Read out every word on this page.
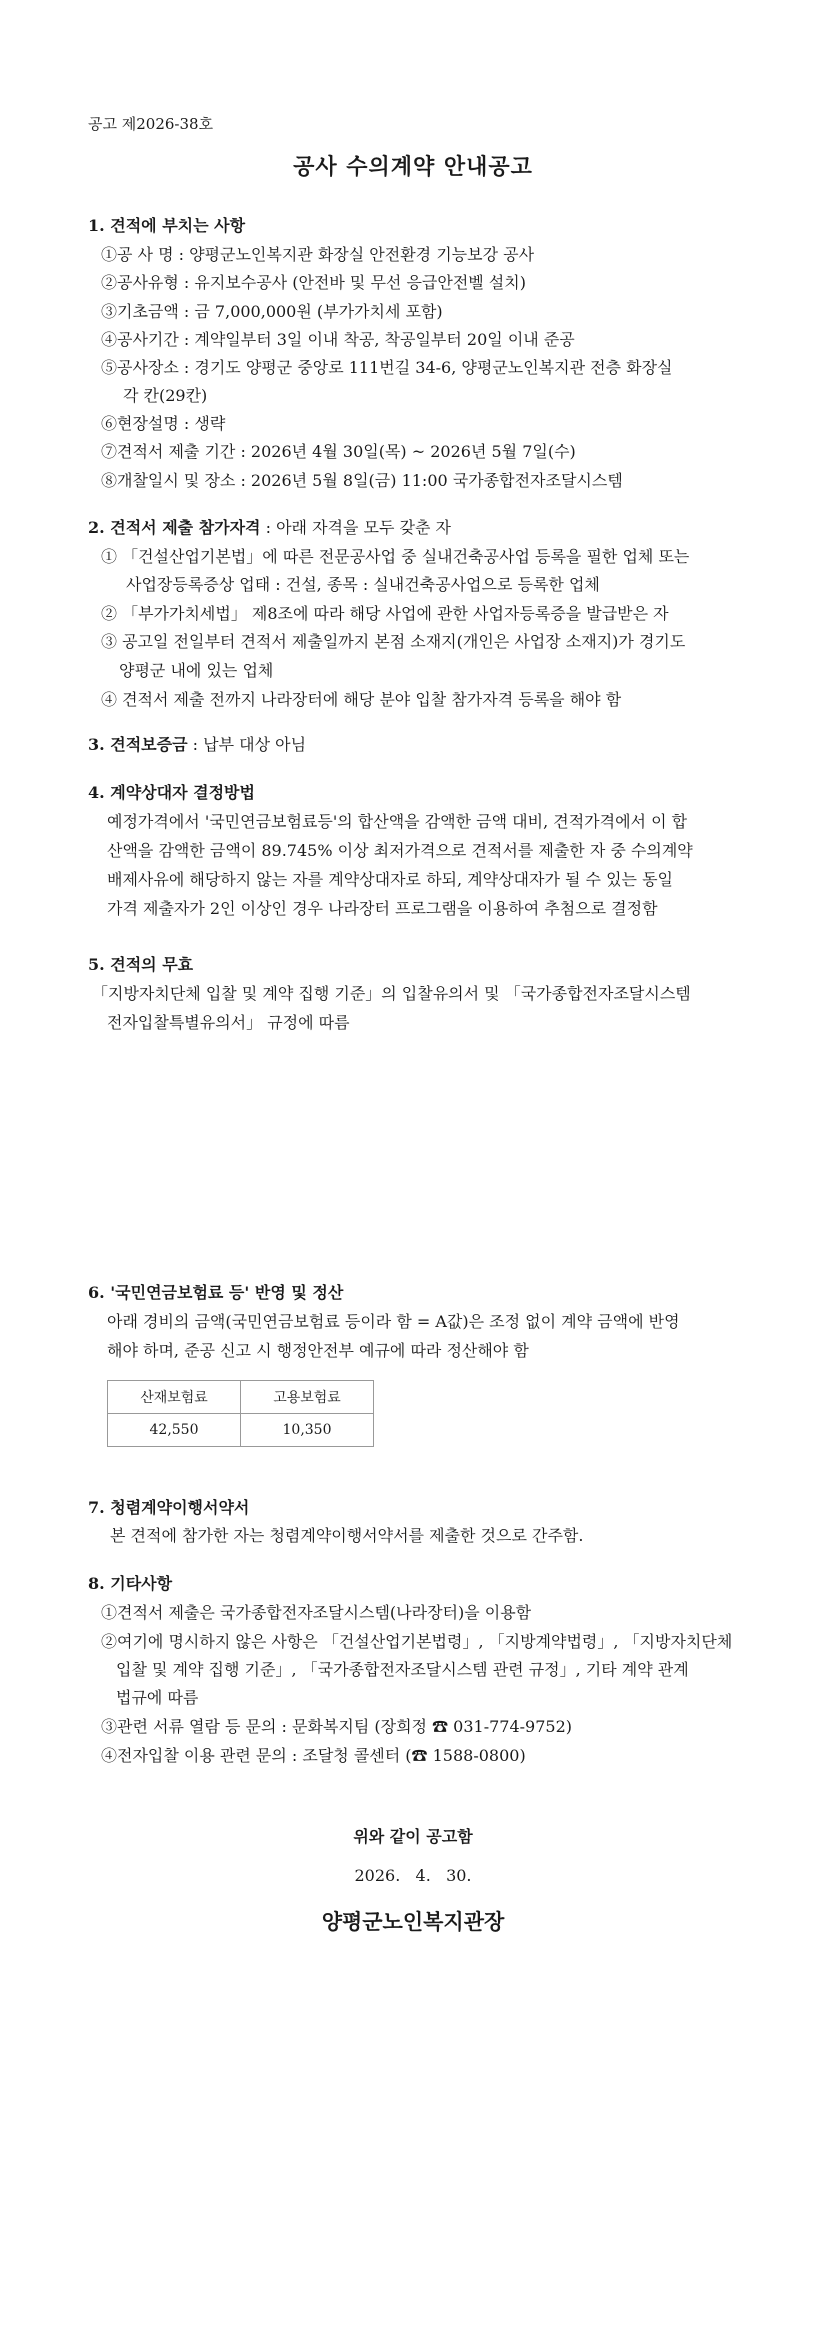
공고 제2026-38호
공사 수의계약 안내공고
1. 견적에 부치는 사항
①공 사 명 : 양평군노인복지관 화장실 안전환경 기능보강 공사
②공사유형 : 유지보수공사 (안전바 및 무선 응급안전벨 설치)
③기초금액 : 금 7,000,000원 (부가가치세 포함)
④공사기간 : 계약일부터 3일 이내 착공, 착공일부터 20일 이내 준공
⑤공사장소 : 경기도 양평군 중앙로 111번길 34-6, 양평군노인복지관 전층 화장실
각 칸(29칸)
⑥현장설명 : 생략
⑦견적서 제출 기간 : 2026년 4월 30일(목) ~ 2026년 5월 7일(수)
⑧개찰일시 및 장소 : 2026년 5월 8일(금) 11:00 국가종합전자조달시스템
2. 견적서 제출 참가자격 : 아래 자격을 모두 갖춘 자
① 「건설산업기본법」에 따른 전문공사업 중 실내건축공사업 등록을 필한 업체 또는
사업장등록증상 업태 : 건설, 종목 : 실내건축공사업으로 등록한 업체
② 「부가가치세법」 제8조에 따라 해당 사업에 관한 사업자등록증을 발급받은 자
③ 공고일 전일부터 견적서 제출일까지 본점 소재지(개인은 사업장 소재지)가 경기도
양평군 내에 있는 업체
④ 견적서 제출 전까지 나라장터에 해당 분야 입찰 참가자격 등록을 해야 함
3. 견적보증금 : 납부 대상 아님
4. 계약상대자 결정방법
예정가격에서 '국민연금보험료등'의 합산액을 감액한 금액 대비, 견적가격에서 이 합
산액을 감액한 금액이 89.745% 이상 최저가격으로 견적서를 제출한 자 중 수의계약
배제사유에 해당하지 않는 자를 계약상대자로 하되, 계약상대자가 될 수 있는 동일
가격 제출자가 2인 이상인 경우 나라장터 프로그램을 이용하여 추첨으로 결정함
5. 견적의 무효
「지방자치단체 입찰 및 계약 집행 기준」의 입찰유의서 및 「국가종합전자조달시스템
전자입찰특별유의서」 규정에 따름
6. '국민연금보험료 등' 반영 및 정산
아래 경비의 금액(국민연금보험료 등이라 함 = A값)은 조정 없이 계약 금액에 반영
해야 하며, 준공 신고 시 행정안전부 예규에 따라 정산해야 함
산재보험료	고용보험료
42,550	10,350
7. 청렴계약이행서약서
본 견적에 참가한 자는 청렴계약이행서약서를 제출한 것으로 간주함.
8. 기타사항
①견적서 제출은 국가종합전자조달시스템(나라장터)을 이용함
②여기에 명시하지 않은 사항은 「건설산업기본법령」, 「지방계약법령」, 「지방자치단체
입찰 및 계약 집행 기준」, 「국가종합전자조달시스템 관련 규정」, 기타 계약 관계
법규에 따름
③관련 서류 열람 등 문의 : 문화복지팀 (장희정 ☎ 031-774-9752)
④전자입찰 이용 관련 문의 : 조달청 콜센터 (☎ 1588-0800)
위와 같이 공고함
2026.   4.   30.
양평군노인복지관장
